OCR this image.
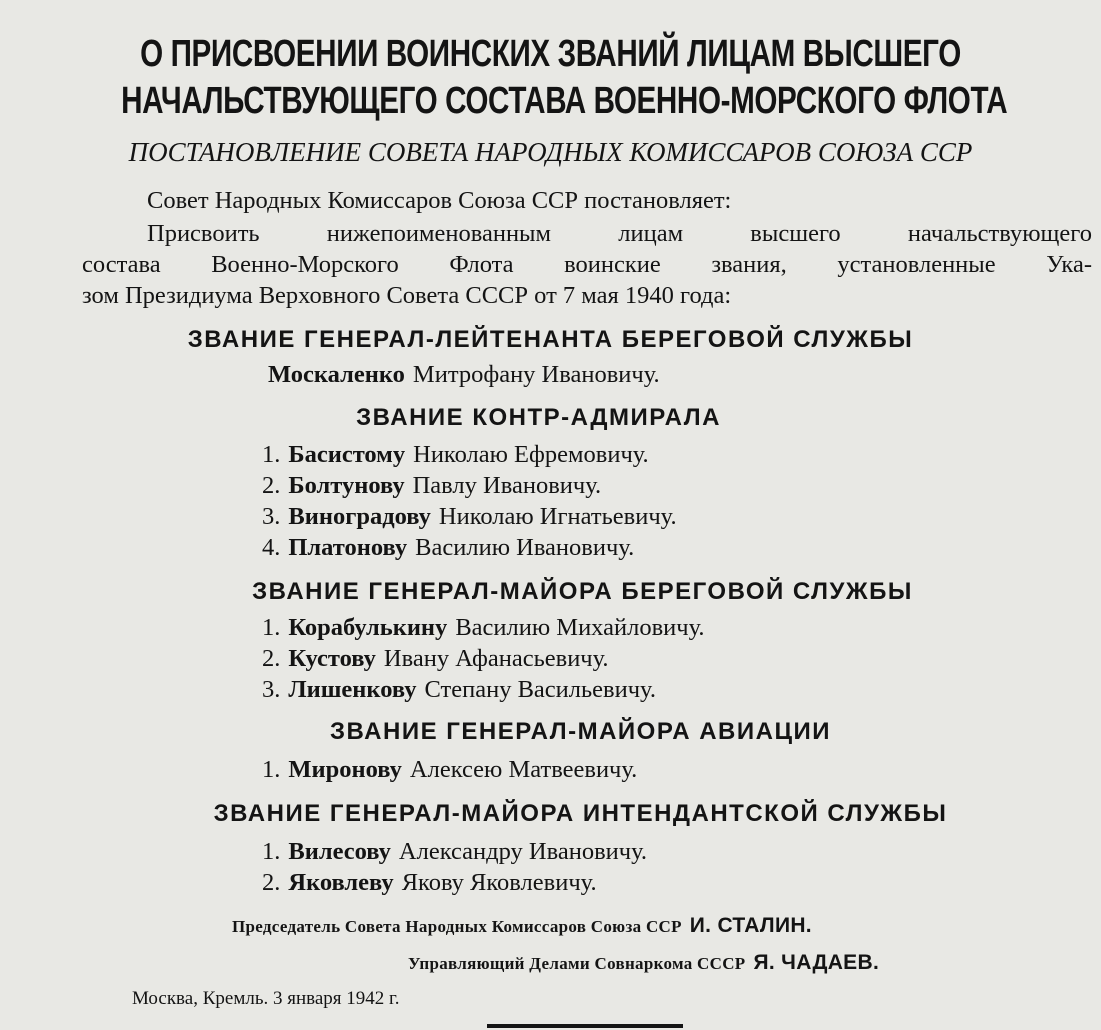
О ПРИСВОЕНИИ ВОИНСКИХ ЗВАНИЙ ЛИЦАМ ВЫСШЕГО
НАЧАЛЬСТВУЮЩЕГО СОСТАВА ВОЕННО-МОРСКОГО ФЛОТА
ПОСТАНОВЛЕНИЕ СОВЕТА НАРОДНЫХ КОМИССАРОВ СОЮЗА ССР
Совет Народных Комиссаров Союза ССР постановляет:
Присвоить	нижепоименованным	лицам	высшего	начальствующего
состава Военно-Морского Флота воинские звания, установленные Ука-
зом Президиума Верховного Совета СССР от 7 мая 1940 года:
ЗВАНИЕ ГЕНЕРАЛ-ЛЕЙТЕНАНТА БЕРЕГОВОЙ СЛУЖБЫ
Москаленко Митрофану Ивановичу.
ЗВАНИЕ КОНТР-АДМИРАЛА
1. Басистому Николаю Ефремовичу.
2. Болтунову Павлу Ивановичу.
3. Виноградову Николаю Игнатьевичу.
4. Платонову Василию Ивановичу.
ЗВАНИЕ ГЕНЕРАЛ-МАЙОРА БЕРЕГОВОЙ СЛУЖБЫ
1. Корабулькину Василию Михайловичу.
2. Кустову Ивану Афанасьевичу.
3. Лишенкову Степану Васильевичу.
ЗВАНИЕ ГЕНЕРАЛ-МАЙОРА АВИАЦИИ
1. Миронову Алексею Матвеевичу.
ЗВАНИЕ ГЕНЕРАЛ-МАЙОРА ИНТЕНДАНТСКОЙ СЛУЖБЫ
1. Вилесову Александру Ивановичу.
2. Яковлеву Якову Яковлевичу.
Председатель Совета Народных Комиссаров Союза ССР И. СТАЛИН.
Управляющий Делами Совнаркома СССР Я. ЧАДАЕВ.
Москва, Кремль. 3 января 1942 г.
